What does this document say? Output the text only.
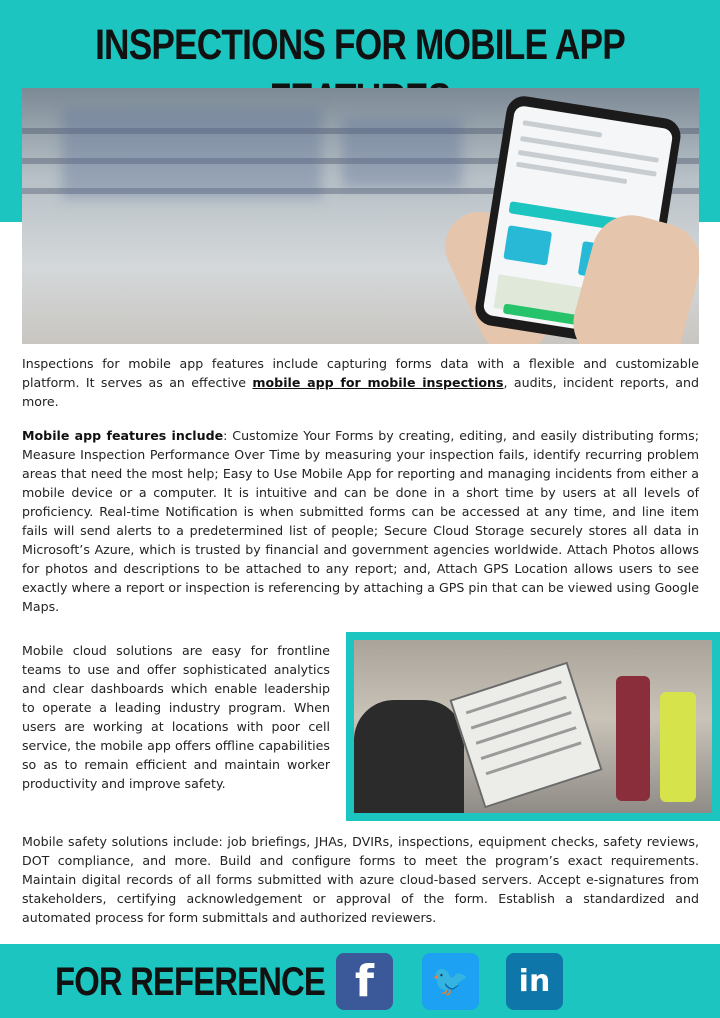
INSPECTIONS FOR MOBILE APP

Inspections for mobile app features include capturing forms data with a flexible and customizable platform. It serves as an effective mobile app for mobile inspections, audits, incident reports, and more.

Mobile app features include: Customize Your Forms by creating, editing, and easily distributing forms; Measure Inspection Performance Over Time by measuring your inspection fails, identify recurring problem areas that need the most help; Easy to Use Mobile App for reporting and managing incidents from either a mobile device or a computer. It is intuitive and can be done in a short time by users at all levels of proficiency. Real-time Notification is when submitted forms can be accessed at any time, and line item fails will send alerts to a predetermined list of people; Secure Cloud Storage securely stores all data in Microsoft’s Azure, which is trusted by financial and government agencies worldwide. Attach Photos allows for photos and descriptions to be attached to any report; and, Attach GPS Location allows users to see exactly where a report or inspection is referencing by attaching a GPS pin that can be viewed using Google Maps.

Mobile cloud solutions are easy for frontline teams to use and offer sophisticated analytics and clear dashboards which enable leadership to operate a leading industry program. When users are working at locations with poor cell service, the mobile app offers offline capabilities so as to remain efficient and maintain worker productivity and improve safety.

Mobile safety solutions include: job briefings, JHAs, DVIRs, inspections, equipment checks, safety reviews, DOT compliance, and more. Build and configure forms to meet the program’s exact requirements. Maintain digital records of all forms submitted with azure cloud-based servers. Accept e-signatures from stakeholders, certifying acknowledgement or approval of the form. Establish a standardized and automated process for form submittals and authorized reviewers.

FOR REFERENCE f	🐦	in
